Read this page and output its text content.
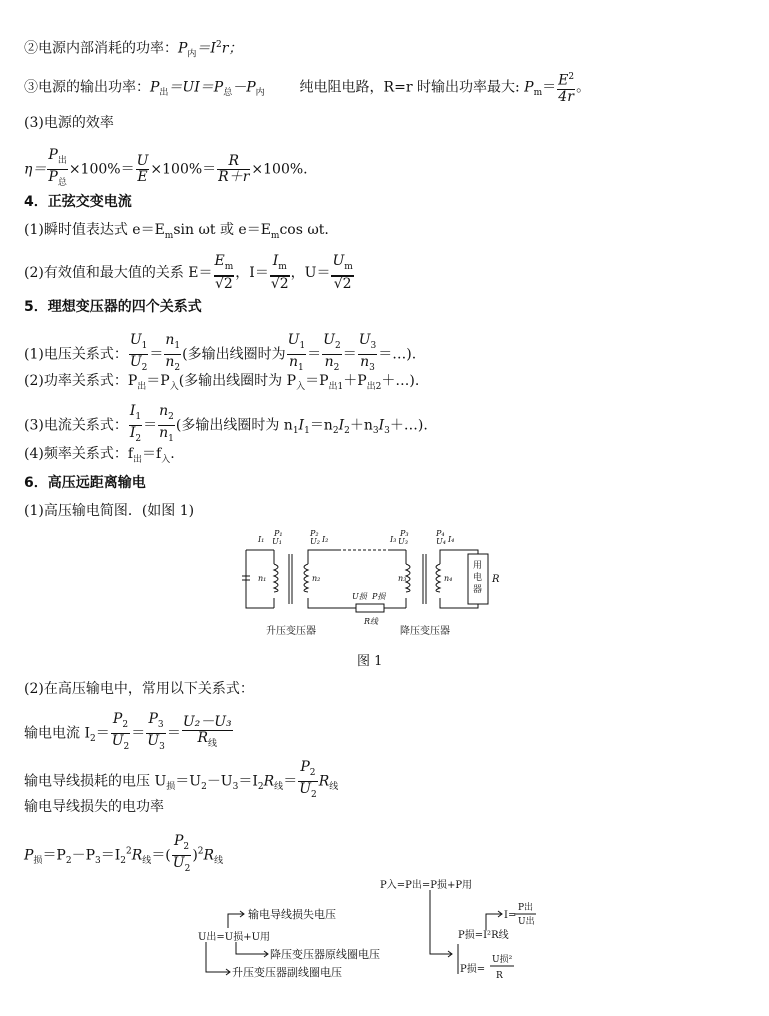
②电源内部消耗的功率：$P_内=I^2r$；
③电源的输出功率：$P_出=UI=P_总-P_内$ 纯电阻电路，R=r 时输出功率最大: $P_m= \frac{E^2}{4r}$ 。
(3)电源的效率
$\eta= \frac{P_出}{P_总} \times 100\%= \frac{U}{E} \times 100\%= \frac{R}{R+r} \times 100\%$.
4．正弦交变电流
(1)瞬时值表达式 $e=E_m\sin$ ωt 或 $e=E_m\cos$ ωt.
(2)有效值和最大值的关系 $E= \frac{E_m}{√2}$ ，$I= \frac{I_m}{√2}$ ，$U= \frac{U_m}{√2}$
5．理想变压器的四个关系式
(1)电压关系式： $\frac{U_1}{U_2} = \frac{n_1}{n_2}$ (多输出线圈时为 $\frac{U_1}{n_1} = \frac{U_2}{n_2} = \frac{U_3}{n_3}$ ＝…).
(2)功率关系式：$P_出=P_入$(多输出线圈时为 $P_入=P_{出1}+P_{出2}+\dots$).
(3)电流关系式： $\frac{I_1}{I_2} = \frac{n_2}{n_1}$ (多输出线圈时为 $n_1I_1=n_2I_2+n_3I_3+\dots$).
(4)频率关系式：$f_出=f_入$.
6．高压远距离输电
(1)高压输电简图．(如图 1)
I₁
P₁
U₁
P₂
U₂ I₂	I₃
P₃
U₃
P₄
U₄ I₄
n₁	n₂	n₃	n₄
U损 P损
R线
R
用电器
升压变压器	降压变压器
图 1
(2)在高压输电中，常用以下关系式：
输电电流 $I_2= \frac{P_2}{U_2} = \frac{P_3}{U_3} = \frac{\text{U₂－U₃}}{R_线}$
输电导线损耗的电压 $U_损=U_2-U_3=I_2R_线= \frac{P_2}{U_2} R_线$
输电导线损失的电功率
$P_损=P_2-P_3=I_2^2R_线=( \frac{P_2}{U_2} )^2R_线$
U出=U损+U用
输电导线损失电压
降压变压器原线圈电压
升压变压器副线圈电压
P入=P出=P损+P用
P损=I²R线
I=
P出
U出
P损=
U损²
R
